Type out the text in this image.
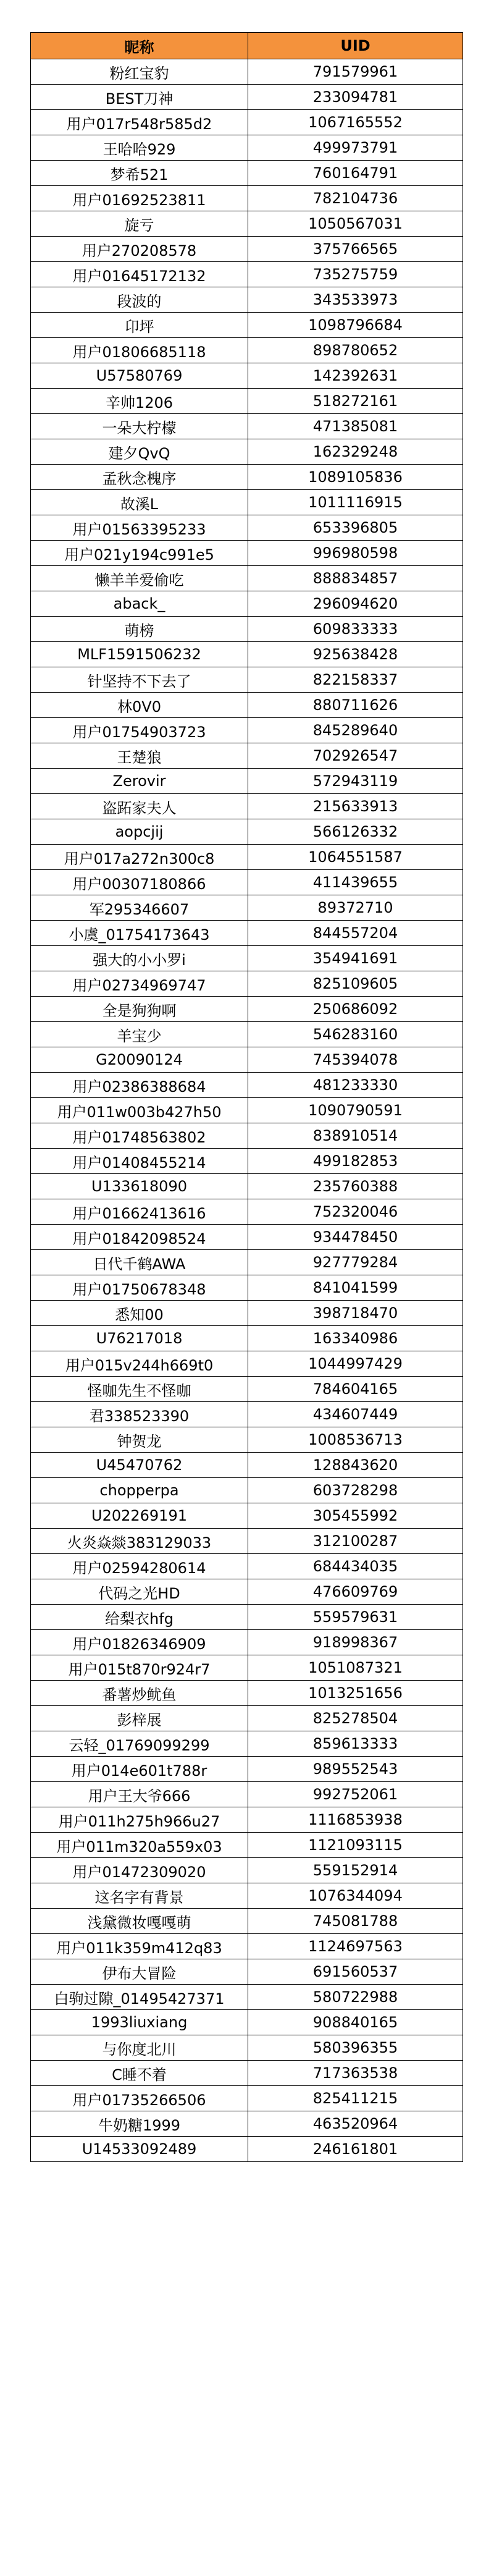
昵称	UID
粉红宝豹	791579961
BEST刀神	233094781
用户017r548r585d2	1067165552
王哈哈929	499973791
梦希521	760164791
用户01692523811	782104736
旋亏	1050567031
用户270208578	375766565
用户01645172132	735275759
段波的	343533973
卬坪	1098796684
用户01806685118	898780652
U57580769	142392631
辛帅1206	518272161
一朵大柠檬	471385081
建夕QvQ	162329248
孟秋念槐序	1089105836
故溪L	1011116915
用户01563395233	653396805
用户021y194c991e5	996980598
懒羊羊爱偷吃	888834857
aback_	296094620
萌榜	609833333
MLF1591506232	925638428
针坚持不下去了	822158337
林0V0	880711626
用户01754903723	845289640
王楚狼	702926547
Zerovir	572943119
盗跖家夫人	215633913
aopcjij	566126332
用户017a272n300c8	1064551587
用户00307180866	411439655
军295346607	89372710
小虞_01754173643	844557204
强大的小小罗i	354941691
用户02734969747	825109605
全是狗狗啊	250686092
羊宝少	546283160
G20090124	745394078
用户02386388684	481233330
用户011w003b427h50	1090790591
用户01748563802	838910514
用户01408455214	499182853
U133618090	235760388
用户01662413616	752320046
用户01842098524	934478450
日代千鹤AWA	927779284
用户01750678348	841041599
悉知00	398718470
U76217018	163340986
用户015v244h669t0	1044997429
怪咖先生不怪咖	784604165
君338523390	434607449
钟贺龙	1008536713
U45470762	128843620
chopperpa	603728298
U202269191	305455992
火炎焱燚383129033	312100287
用户02594280614	684434035
代码之光HD	476609769
给梨衣hfg	559579631
用户01826346909	918998367
用户015t870r924r7	1051087321
番薯炒鱿鱼	1013251656
彭梓展	825278504
云轻_01769099299	859613333
用户014e601t788r	989552543
用户王大爷666	992752061
用户011h275h966u27	1116853938
用户011m320a559x03	1121093115
用户01472309020	559152914
这名字有背景	1076344094
浅黛微妆嘎嘎萌	745081788
用户011k359m412q83	1124697563
伊布大冒险	691560537
白驹过隙_01495427371	580722988
1993liuxiang	908840165
与你度北川	580396355
C睡不着	717363538
用户01735266506	825411215
牛奶糖1999	463520964
U14533092489	246161801
